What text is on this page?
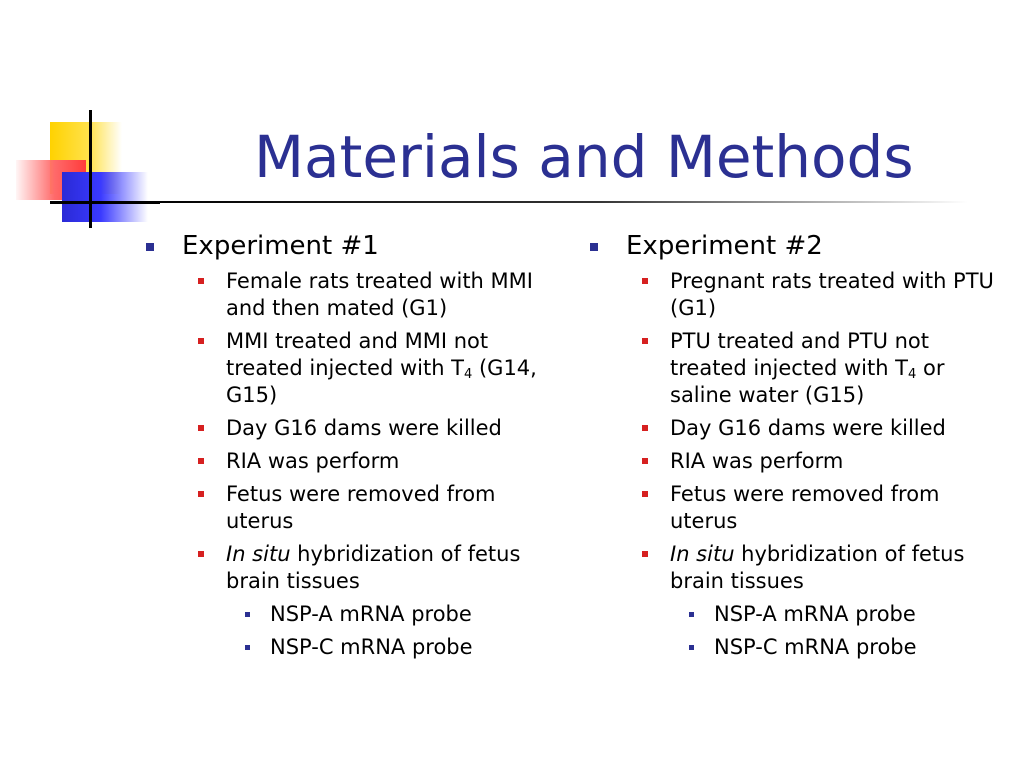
Materials and Methods
Experiment #1
Female rats treated with MMI and then mated (G1)
MMI treated and MMI not treated injected with $T_4$ (G14, G15)
Day G16 dams were killed
RIA was perform
Fetus were removed from uterus
In situ hybridization of fetus brain tissues
NSP-A mRNA probe
NSP-C mRNA probe
Experiment #2
Pregnant rats treated with PTU (G1)
PTU treated and PTU not treated injected with $T_4$ or saline water (G15)
Day G16 dams were killed
RIA was perform
Fetus were removed from uterus
In situ hybridization of fetus brain tissues
NSP-A mRNA probe
NSP-C mRNA probe
